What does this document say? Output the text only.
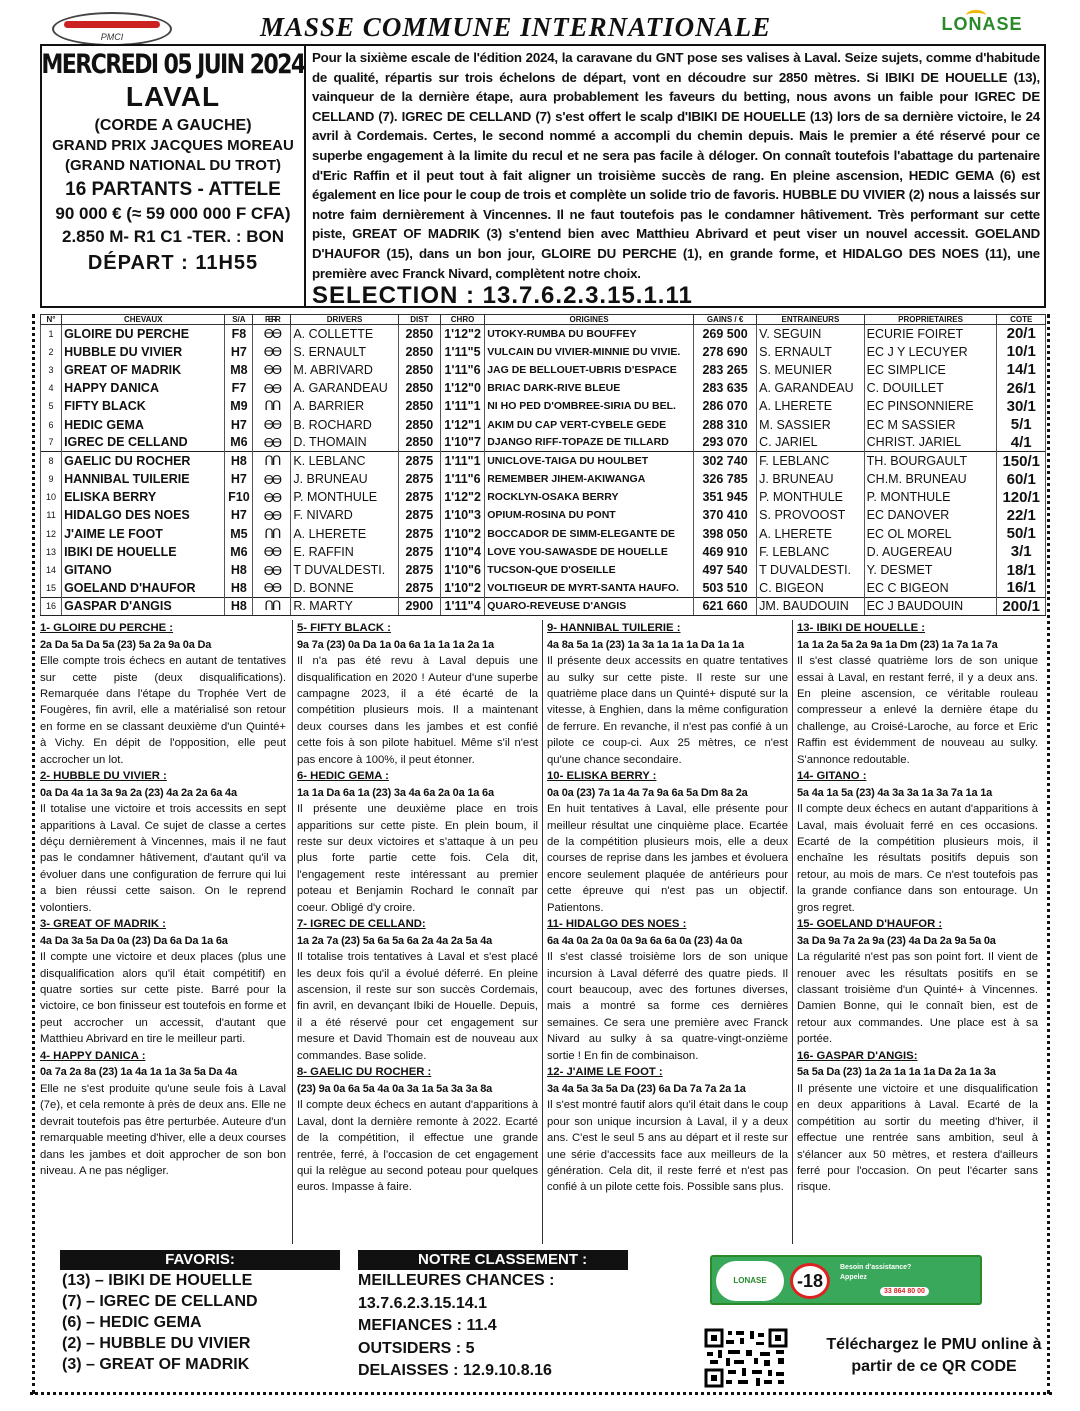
PMCI	MASSE COMMUNE INTERNATIONALE	LONASE
MERCREDI 05 JUIN 2024
LAVAL
(CORDE A GAUCHE)
GRAND PRIX JACQUES MOREAU (GRAND NATIONAL DU TROT)
16 PARTANTS - ATTELE
90 000 € (≈ 59 000 000 F CFA)
2.850 M- R1 C1 -TER. : BON
DÉPART : 11H55
Pour la sixième escale de l'édition 2024, la caravane du GNT pose ses valises à Laval. Seize sujets, comme d'habitude de qualité, répartis sur trois échelons de départ, vont en découdre sur 2850 mètres. Si IBIKI DE HOUELLE (13), vainqueur de la dernière étape, aura probablement les faveurs du betting, nous avons un faible pour IGREC DE CELLAND (7). IGREC DE CELLAND (7) s'est offert le scalp d'IBIKI DE HOUELLE (13) lors de sa dernière victoire, le 24 avril à Cordemais. Certes, le second nommé a accompli du chemin depuis. Mais le premier a été réservé pour ce superbe engagement à la limite du recul et ne sera pas facile à déloger. On connaît toutefois l'abattage du partenaire d'Eric Raffin et il peut tout à fait aligner un troisième succès de rang. En pleine ascension, HEDIC GEMA (6) est également en lice pour le coup de trois et complète un solide trio de favoris. HUBBLE DU VIVIER (2) nous a laissés sur notre faim dernièrement à Vincennes. Il ne faut toutefois pas le condamner hâtivement. Très performant sur cette piste, GREAT OF MADRIK (3) s'entend bien avec Matthieu Abrivard et peut viser un nouvel accessit. GOELAND D'HAUFOR (15), dans un bon jour, GLOIRE DU PERCHE (1), en grande forme, et HIDALGO DES NOES (11), une première avec Franck Nivard, complètent notre choix.
SELECTION : 13.7.6.2.3.15.1.11
N°	CHEVAUX	S/A	FERR	DRIVERS	DIST	CHRO	ORIGINES	GAINS / €	ENTRAINEURS	PROPRIETAIRES	COTE
1	GLOIRE DU PERCHE	F8	ƟƟ	A. COLLETTE	2850	1'12"2	UTOKY-RUMBA DU BOUFFEY	269 500	V. SEGUIN	ECURIE FOIRET	20/1
2	HUBBLE DU VIVIER	H7	ƟƟ	S. ERNAULT	2850	1'11"5	VULCAIN DU VIVIER-MINNIE DU VIVIE.	278 690	S. ERNAULT	EC J Y LECUYER	10/1
3	GREAT OF MADRIK	M8	ƟƟ	M. ABRIVARD	2850	1'11"6	JAG DE BELLOUET-UBRIS D'ESPACE	283 265	S. MEUNIER	EC SIMPLICE	14/1
4	HAPPY DANICA	F7	ƟƟ	A. GARANDEAU	2850	1'12"0	BRIAC DARK-RIVE BLEUE	283 635	A. GARANDEAU	C. DOUILLET	26/1
5	FIFTY BLACK	M9	ՈՈ	A. BARRIER	2850	1'11"1	NI HO PED D'OMBREE-SIRIA DU BEL.	286 070	A. LHERETE	EC PINSONNIERE	30/1
6	HEDIC GEMA	H7	ƟƟ	B. ROCHARD	2850	1'12"1	AKIM DU CAP VERT-CYBELE GEDE	288 310	M. SASSIER	EC M SASSIER	5/1
7	IGREC DE CELLAND	M6	ƟƟ	D. THOMAIN	2850	1'10"7	DJANGO RIFF-TOPAZE DE TILLARD	293 070	C. JARIEL	CHRIST. JARIEL	4/1
8	GAELIC DU ROCHER	H8	ՈՈ	K. LEBLANC	2875	1'11"1	UNICLOVE-TAIGA DU HOULBET	302 740	F. LEBLANC	TH. BOURGAULT	150/1
9	HANNIBAL TUILERIE	H7	ƟƟ	J. BRUNEAU	2875	1'11"6	REMEMBER JIHEM-AKIWANGA	326 785	J. BRUNEAU	CH.M. BRUNEAU	60/1
10	ELISKA BERRY	F10	ƟƟ	P. MONTHULE	2875	1'12"2	ROCKLYN-OSAKA BERRY	351 945	P. MONTHULE	P. MONTHULE	120/1
11	HIDALGO DES NOES	H7	ƟƟ	F. NIVARD	2875	1'10"3	OPIUM-ROSINA DU PONT	370 410	S. PROVOOST	EC DANOVER	22/1
12	J'AIME LE FOOT	M5	ՈՈ	A. LHERETE	2875	1'10"2	BOCCADOR DE SIMM-ELEGANTE DE	398 050	A. LHERETE	EC OL MOREL	50/1
13	IBIKI DE HOUELLE	M6	ƟƟ	E. RAFFIN	2875	1'10"4	LOVE YOU-SAWASDE DE HOUELLE	469 910	F. LEBLANC	D. AUGEREAU	3/1
14	GITANO	H8	ƟƟ	T DUVALDESTI.	2875	1'10"6	TUCSON-QUE D'OSEILLE	497 540	T DUVALDESTI.	Y. DESMET	18/1
15	GOELAND D'HAUFOR	H8	ƟƟ	D. BONNE	2875	1'10"2	VOLTIGEUR DE MYRT-SANTA HAUFO.	503 510	C. BIGEON	EC C BIGEON	16/1
16	GASPAR D'ANGIS	H8	ՈՈ	R. MARTY	2900	1'11"4	QUARO-REVEUSE D'ANGIS	621 660	JM. BAUDOUIN	EC J BAUDOUIN	200/1
1- GLOIRE DU PERCHE :
2a Da 5a Da 5a (23) 5a 2a 9a 0a Da
Elle compte trois échecs en autant de tentatives sur cette piste (deux disqualifications). Remarquée dans l'étape du Trophée Vert de Fougères, fin avril, elle a matérialisé son retour en forme en se classant deuxième d'un Quinté+ à Vichy. En dépit de l'opposition, elle peut accrocher un lot.
2- HUBBLE DU VIVIER :
0a Da 4a 1a 3a 9a 2a (23) 4a 2a 2a 6a 4a
Il totalise une victoire et trois accessits en sept apparitions à Laval. Ce sujet de classe a certes déçu dernièrement à Vincennes, mais il ne faut pas le condamner hâtivement, d'autant qu'il va évoluer dans une configuration de ferrure qui lui a bien réussi cette saison. On le reprend volontiers.
3- GREAT OF MADRIK :
4a Da 3a 5a Da 0a (23) Da 6a Da 1a 6a
Il compte une victoire et deux places (plus une disqualification alors qu'il était compétitif) en quatre sorties sur cette piste. Barré pour la victoire, ce bon finisseur est toutefois en forme et peut accrocher un accessit, d'autant que Matthieu Abrivard en tire le meilleur parti.
4- HAPPY DANICA :
0a 7a 2a 8a (23) 1a 4a 1a 1a 3a 5a Da 4a
Elle ne s'est produite qu'une seule fois à Laval (7e), et cela remonte à près de deux ans. Elle ne devrait toutefois pas être perturbée. Auteure d'un remarquable meeting d'hiver, elle a deux courses dans les jambes et doit approcher de son bon niveau. A ne pas négliger.
5- FIFTY BLACK :
9a 7a (23) 0a Da 1a 0a 6a 1a 1a 1a 2a 1a
Il n'a pas été revu à Laval depuis une disqualification en 2020 ! Auteur d'une superbe campagne 2023, il a été écarté de la compétition plusieurs mois. Il a maintenant deux courses dans les jambes et est confié cette fois à son pilote habituel. Même s'il n'est pas encore à 100%, il peut étonner.
6- HEDIC GEMA :
1a 1a Da 6a 1a (23) 3a 4a 6a 2a 0a 1a 6a
Il présente une deuxième place en trois apparitions sur cette piste. En plein boum, il reste sur deux victoires et s'attaque à un peu plus forte partie cette fois. Cela dit, l'engagement reste intéressant au premier poteau et Benjamin Rochard le connaît par coeur. Obligé d'y croire.
7- IGREC DE CELLAND:
1a 2a 7a (23) 5a 6a 5a 6a 2a 4a 2a 5a 4a
Il totalise trois tentatives à Laval et s'est placé les deux fois qu'il a évolué déferré. En pleine ascension, il reste sur son succès Cordemais, fin avril, en devançant Ibiki de Houelle. Depuis, il a été réservé pour cet engagement sur mesure et David Thomain est de nouveau aux commandes. Base solide.
8- GAELIC DU ROCHER :
(23) 9a 0a 6a 5a 4a 0a 3a 1a 5a 3a 3a 8a
Il compte deux échecs en autant d'apparitions à Laval, dont la dernière remonte à 2022. Ecarté de la compétition, il effectue une grande rentrée, ferré, à l'occasion de cet engagement qui la relègue au second poteau pour quelques euros. Impasse à faire.
9- HANNIBAL TUILERIE :
4a 8a 5a 1a (23) 1a 3a 1a 1a 1a Da 1a 1a
Il présente deux accessits en quatre tentatives au sulky sur cette piste. Il reste sur une quatrième place dans un Quinté+ disputé sur la vitesse, à Enghien, dans la même configuration de ferrure. En revanche, il n'est pas confié à un pilote ce coup-ci. Aux 25 mètres, ce n'est qu'une chance secondaire.
10- ELISKA BERRY :
0a 0a (23) 7a 1a 4a 7a 9a 6a 5a Dm 8a 2a
En huit tentatives à Laval, elle présente pour meilleur résultat une cinquième place. Ecartée de la compétition plusieurs mois, elle a deux courses de reprise dans les jambes et évoluera encore seulement plaquée de antérieurs pour cette épreuve qui n'est pas un objectif. Patientons.
11- HIDALGO DES NOES :
6a 4a 0a 2a 0a 0a 9a 6a 6a 0a (23) 4a 0a
Il s'est classé troisième lors de son unique incursion à Laval déferré des quatre pieds. Il court beaucoup, avec des fortunes diverses, mais a montré sa forme ces dernières semaines. Ce sera une première avec Franck Nivard au sulky à sa quatre-vingt-onzième sortie ! En fin de combinaison.
12- J'AIME LE FOOT :
3a 4a 5a 3a 5a Da (23) 6a Da 7a 7a 2a 1a
Il s'est montré fautif alors qu'il était dans le coup pour son unique incursion à Laval, il y a deux ans. C'est le seul 5 ans au départ et il reste sur une série d'accessits face aux meilleurs de la génération. Cela dit, il reste ferré et n'est pas confié à un pilote cette fois. Possible sans plus.
13- IBIKI DE HOUELLE :
1a 1a 2a 5a 2a 9a 1a Dm (23) 1a 7a 1a 7a
Il s'est classé quatrième lors de son unique essai à Laval, en restant ferré, il y a deux ans. En pleine ascension, ce véritable rouleau compresseur a enlevé la dernière étape du challenge, au Croisé-Laroche, au force et Eric Raffin est évidemment de nouveau au sulky. S'annonce redoutable.
14- GITANO :
5a 4a 1a 5a (23) 4a 3a 3a 1a 3a 7a 1a 1a
Il compte deux échecs en autant d'apparitions à Laval, mais évoluait ferré en ces occasions. Ecarté de la compétition plusieurs mois, il enchaîne les résultats positifs depuis son retour, au mois de mars. Ce n'est toutefois pas la grande confiance dans son entourage. Un gros regret.
15- GOELAND D'HAUFOR :
3a Da 9a 7a 2a 9a (23) 4a Da 2a 9a 5a 0a
La régularité n'est pas son point fort. Il vient de renouer avec les résultats positifs en se classant troisième d'un Quinté+ à Vincennes. Damien Bonne, qui le connaît bien, est de retour aux commandes. Une place est à sa portée.
16- GASPAR D'ANGIS:
5a 5a Da (23) 1a 2a 1a 1a 1a Da 2a 1a 3a
Il présente une victoire et une disqualification en deux apparitions à Laval. Ecarté de la compétition au sortir du meeting d'hiver, il effectue une rentrée sans ambition, seul à s'élancer aux 50 mètres, et restera d'ailleurs ferré pour l'occasion. On peut l'écarter sans risque.
FAVORIS:
(13) – IBIKI DE HOUELLE
(7) – IGREC DE CELLAND
(6) – HEDIC GEMA
(2) – HUBBLE DU VIVIER
(3) – GREAT OF MADRIK
NOTRE CLASSEMENT :
MEILLEURES CHANCES :
13.7.6.2.3.15.14.1
MEFIANCES : 11.4
OUTSIDERS : 5
DELAISSES : 12.9.10.8.16
LONASE	-18
Besoin d'assistance? Appelez
33 864 80 00
Téléchargez le PMU online à partir de ce QR CODE
